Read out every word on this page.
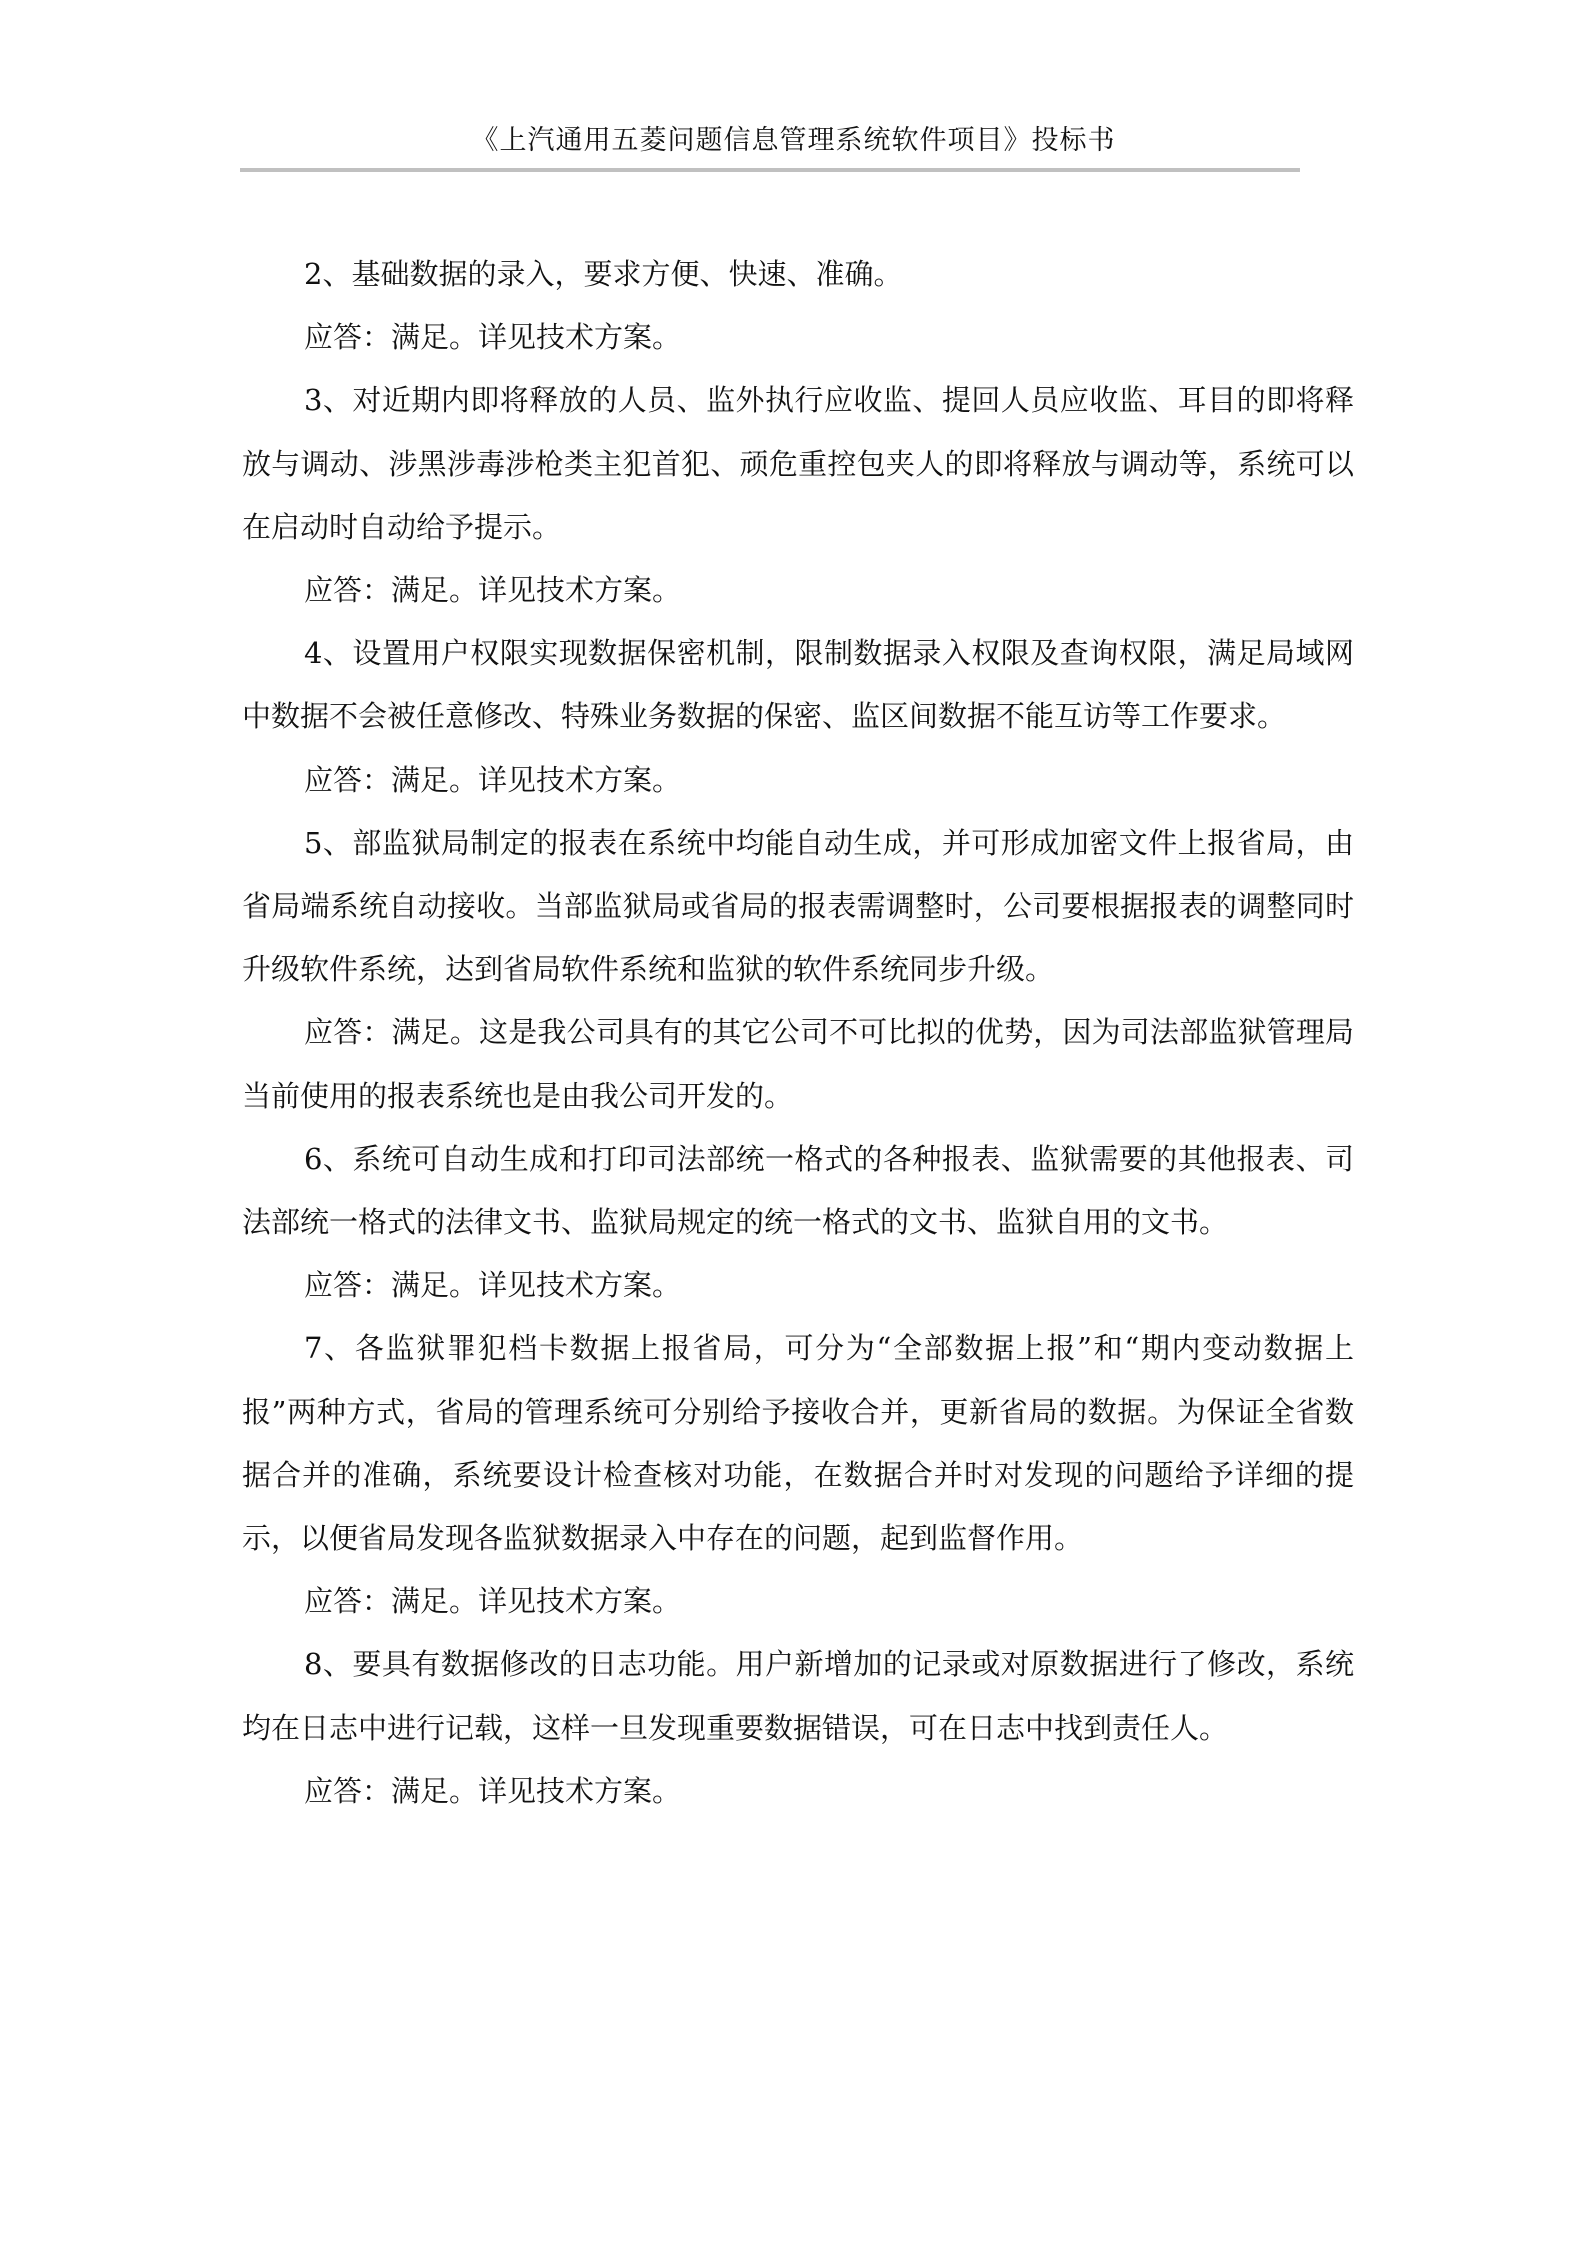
《上汽通用五菱问题信息管理系统软件项目》投标书

2、基础数据的录入，要求方便、快速、准确。

应答：满足。详见技术方案。

3、对近期内即将释放的人员、监外执行应收监、提回人员应收监、耳目的即将释放与调动、涉黑涉毒涉枪类主犯首犯、顽危重控包夹人的即将释放与调动等，系统可以在启动时自动给予提示。

应答：满足。详见技术方案。

4、设置用户权限实现数据保密机制，限制数据录入权限及查询权限，满足局域网中数据不会被任意修改、特殊业务数据的保密、监区间数据不能互访等工作要求。

应答：满足。详见技术方案。

5、部监狱局制定的报表在系统中均能自动生成，并可形成加密文件上报省局，由省局端系统自动接收。当部监狱局或省局的报表需调整时，公司要根据报表的调整同时升级软件系统，达到省局软件系统和监狱的软件系统同步升级。

应答：满足。这是我公司具有的其它公司不可比拟的优势，因为司法部监狱管理局当前使用的报表系统也是由我公司开发的。

6、系统可自动生成和打印司法部统一格式的各种报表、监狱需要的其他报表、司法部统一格式的法律文书、监狱局规定的统一格式的文书、监狱自用的文书。

应答：满足。详见技术方案。

7、各监狱罪犯档卡数据上报省局，可分为“全部数据上报”和“期内变动数据上报”两种方式，省局的管理系统可分别给予接收合并，更新省局的数据。为保证全省数据合并的准确，系统要设计检查核对功能，在数据合并时对发现的问题给予详细的提示，以便省局发现各监狱数据录入中存在的问题，起到监督作用。

应答：满足。详见技术方案。

8、要具有数据修改的日志功能。用户新增加的记录或对原数据进行了修改，系统均在日志中进行记载，这样一旦发现重要数据错误，可在日志中找到责任人。

应答：满足。详见技术方案。
